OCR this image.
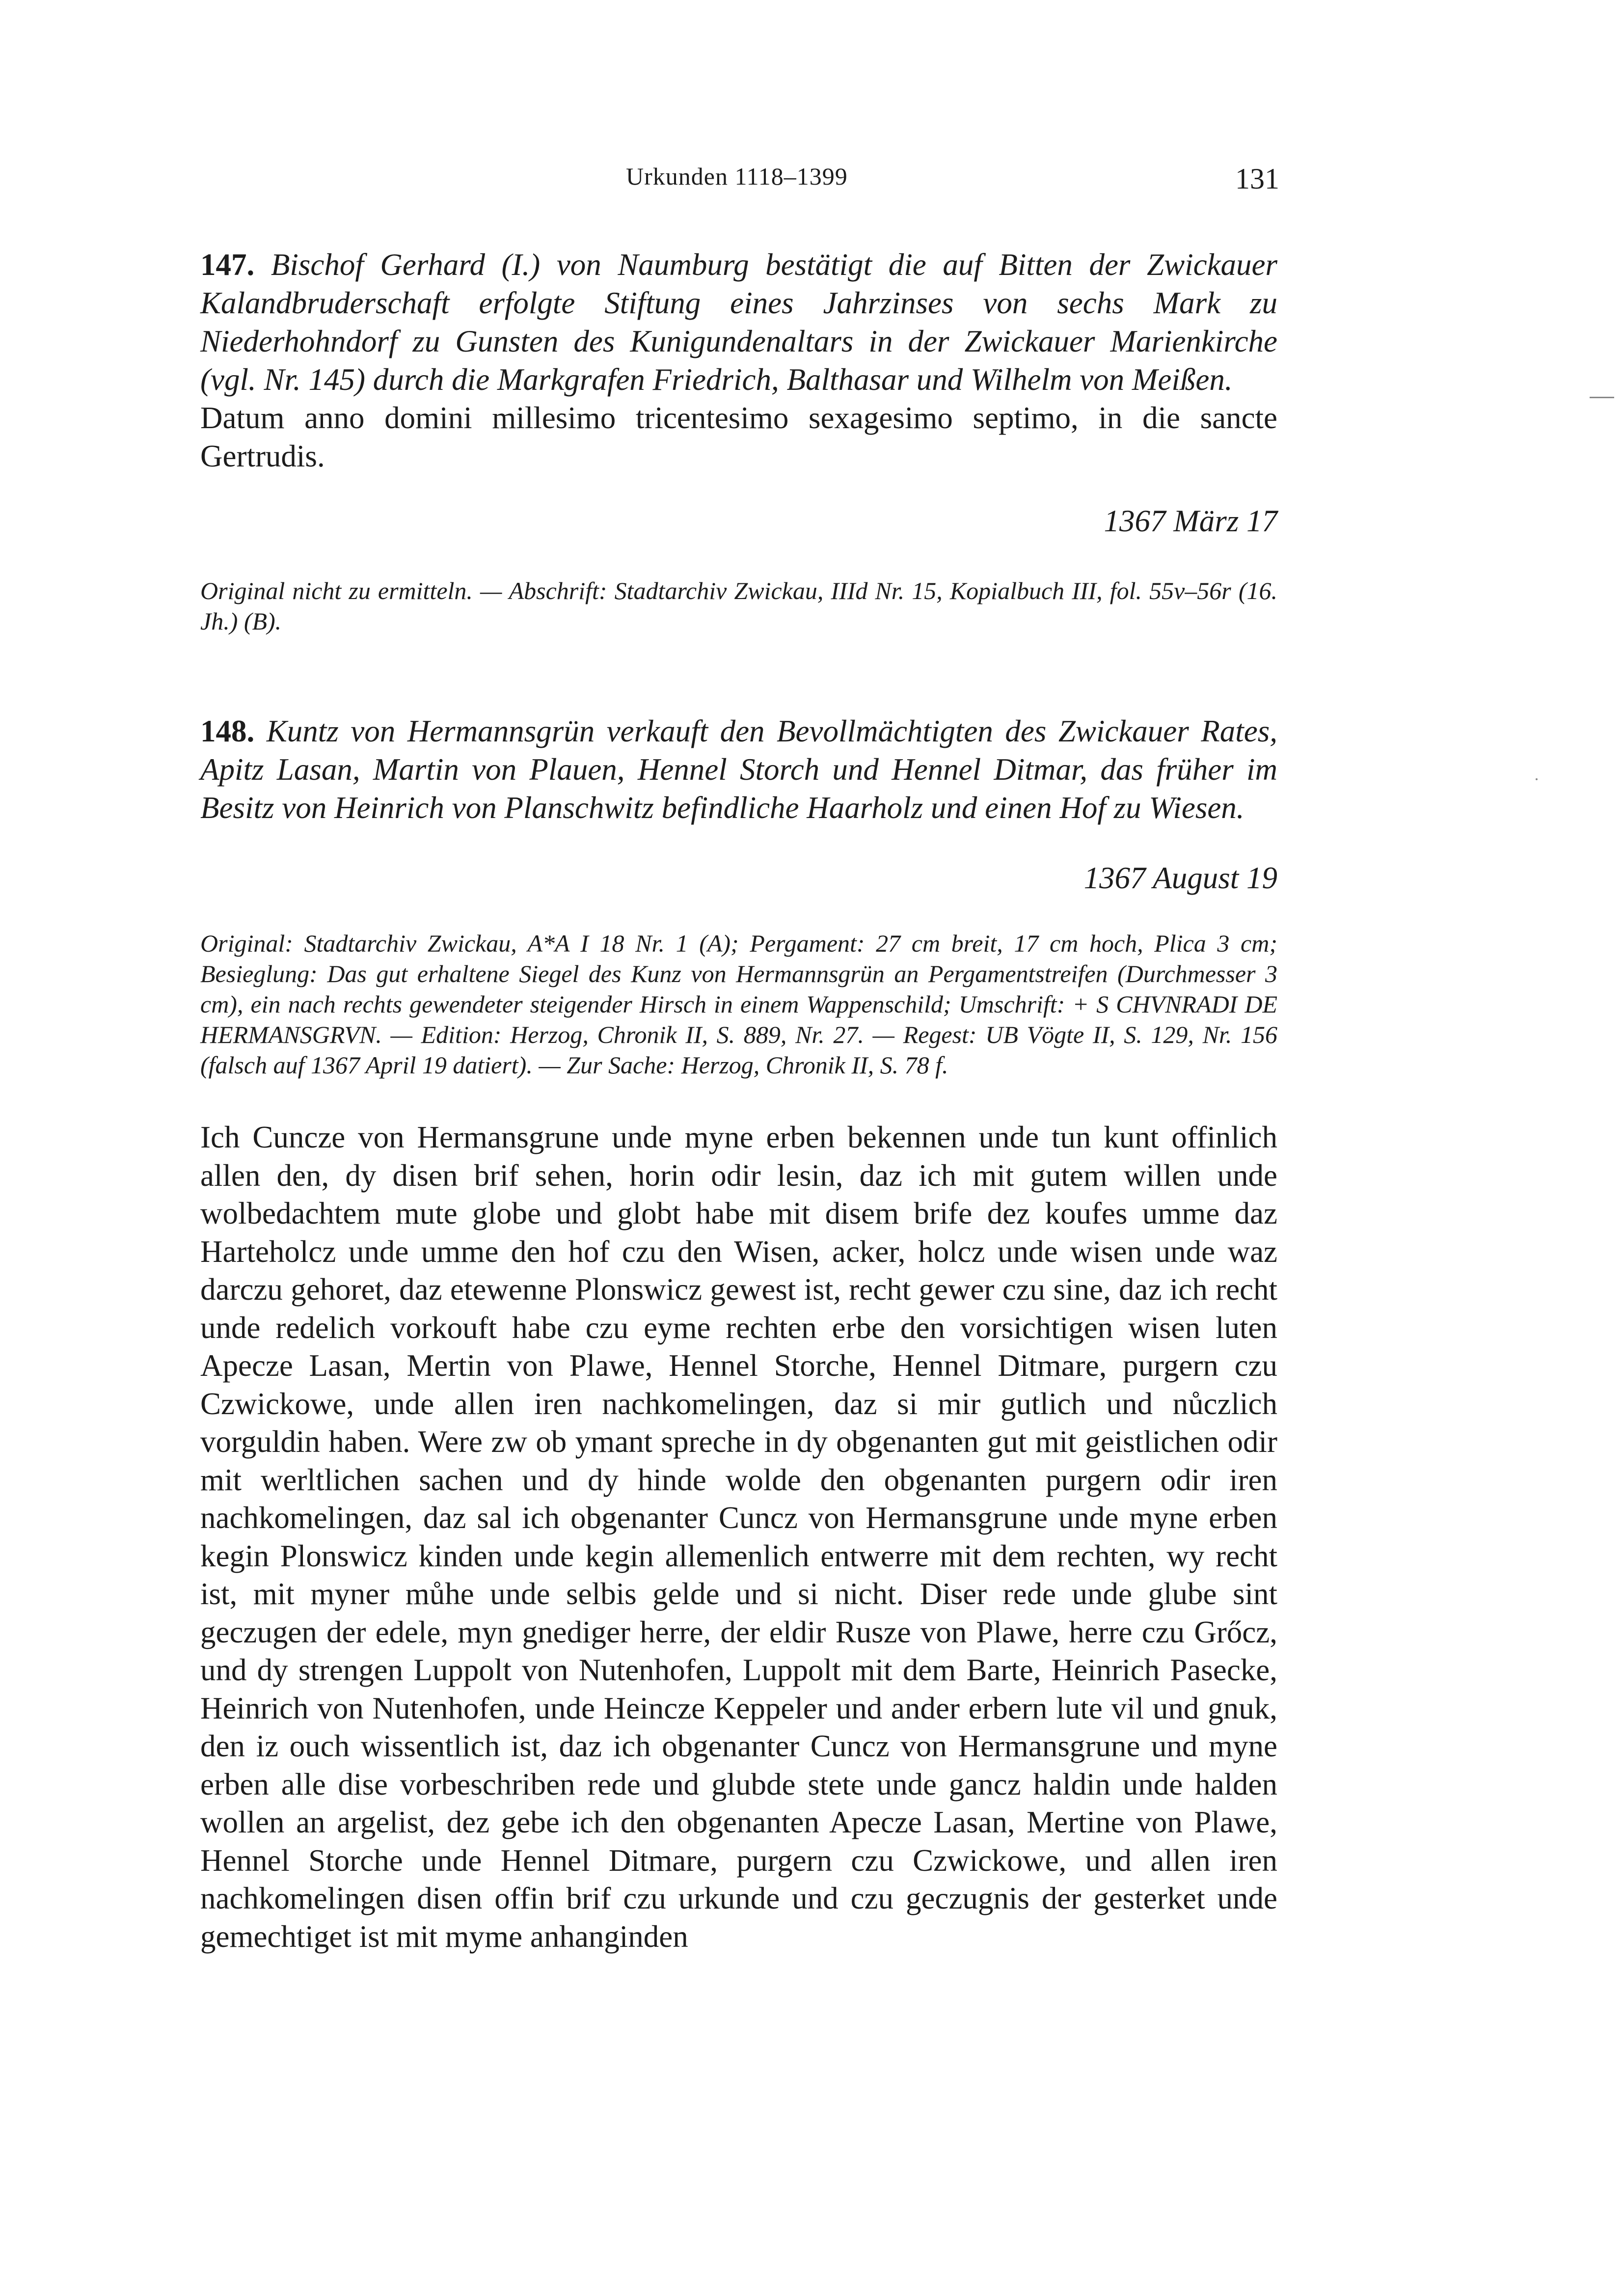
Urkunden 1118–1399	131

147. Bischof Gerhard (I.) von Naumburg bestätigt die auf Bitten der Zwickauer Kalandbruderschaft erfolgte Stiftung eines Jahrzinses von sechs Mark zu Niederhohndorf zu Gunsten des Kunigundenaltars in der Zwickauer Marienkirche (vgl. Nr. 145) durch die Markgrafen Friedrich, Balthasar und Wilhelm von Meißen.

Datum anno domini millesimo tricentesimo sexagesimo septimo, in die sancte Gertrudis.

1367 März 17

Original nicht zu ermitteln. — Abschrift: Stadtarchiv Zwickau, IIId Nr. 15, Kopialbuch III, fol. 55v–56r (16. Jh.) (B).

148. Kuntz von Hermannsgrün verkauft den Bevollmächtigten des Zwickauer Rates, Apitz Lasan, Martin von Plauen, Hennel Storch und Hennel Ditmar, das früher im Besitz von Heinrich von Planschwitz befindliche Haarholz und einen Hof zu Wiesen.

1367 August 19

Original: Stadtarchiv Zwickau, A*A I 18 Nr. 1 (A); Pergament: 27 cm breit, 17 cm hoch, Plica 3 cm; Besieglung: Das gut erhaltene Siegel des Kunz von Hermannsgrün an Pergamentstreifen (Durchmesser 3 cm), ein nach rechts gewendeter steigender Hirsch in einem Wappenschild; Umschrift: + S CHVNRADI DE HERMANSGRVN. — Edition: Herzog, Chronik II, S. 889, Nr. 27. — Regest: UB Vögte II, S. 129, Nr. 156 (falsch auf 1367 April 19 datiert). — Zur Sache: Herzog, Chronik II, S. 78 f.

Ich Cuncze von Hermansgrune unde myne erben bekennen unde tun kunt offinlich allen den, dy disen brif sehen, horin odir lesin, daz ich mit gutem willen unde wolbedachtem mute globe und globt habe mit disem brife dez koufes umme daz Harteholcz unde umme den hof czu den Wisen, acker, holcz unde wisen unde waz darczu gehoret, daz etewenne Plonswicz gewest ist, recht gewer czu sine, daz ich recht unde redelich vorkouft habe czu eyme rechten erbe den vorsichtigen wisen luten Apecze Lasan, Mertin von Plawe, Hennel Storche, Hennel Ditmare, purgern czu Czwickowe, unde allen iren nachkomelingen, daz si mir gutlich und nůczlich vorguldin haben. Were zw ob ymant spreche in dy obgenanten gut mit geistlichen odir mit werltlichen sachen und dy hinde wolde den obgenanten purgern odir iren nachkomelingen, daz sal ich obgenanter Cuncz von Hermansgrune unde myne erben kegin Plonswicz kinden unde kegin allemenlich entwerre mit dem rechten, wy recht ist, mit myner můhe unde selbis gelde und si nicht. Diser rede unde glube sint geczugen der edele, myn gnediger herre, der eldir Rusze von Plawe, herre czu Grőcz, und dy strengen Luppolt von Nutenhofen, Luppolt mit dem Barte, Heinrich Pasecke, Heinrich von Nutenhofen, unde Heincze Keppeler und ander erbern lute vil und gnuk, den iz ouch wissentlich ist, daz ich obgenanter Cuncz von Hermansgrune und myne erben alle dise vorbeschriben rede und glubde stete unde gancz haldin unde halden wollen an argelist, dez gebe ich den obgenanten Apecze Lasan, Mertine von Plawe, Hennel Storche unde Hennel Ditmare, purgern czu Czwickowe, und allen iren nachkomelingen disen offin brif czu urkunde und czu geczugnis der gesterket unde gemechtiget ist mit myme anhanginden
